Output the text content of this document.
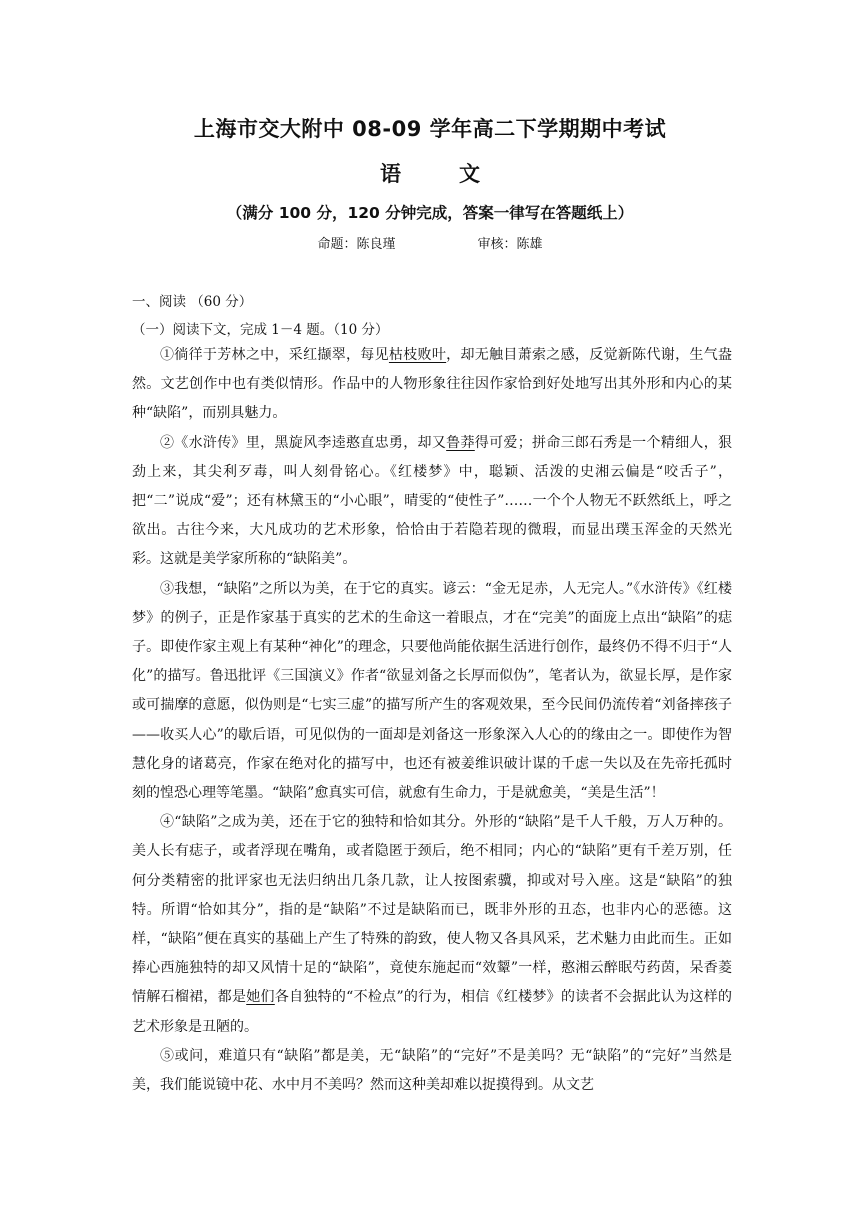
上海市交大附中 08-09 学年高二下学期期中考试
语文
（满分 100 分，120 分钟完成，答案一律写在答题纸上）
命题：陈良瑾	审核：陈雄
一、阅读 （60 分）
（一）阅读下文，完成 1－4 题。（10 分）

①徜徉于芳林之中，采红撷翠，每见枯枝败叶，却无触目萧索之感，反觉新陈代谢，生气盎然。文艺创作中也有类似情形。作品中的人物形象往往因作家恰到好处地写出其外形和内心的某种“缺陷”，而别具魅力。

②《水浒传》里，黑旋风李逵憨直忠勇，却又鲁莽得可爱；拼命三郎石秀是一个精细人，狠劲上来，其尖利歹毒，叫人刻骨铭心。《红楼梦》中，聪颖、活泼的史湘云偏是“咬舌子”，把“二”说成“爱”；还有林黛玉的“小心眼”，晴雯的“使性子”……一个个人物无不跃然纸上，呼之欲出。古往今来，大凡成功的艺术形象，恰恰由于若隐若现的微瑕，而显出璞玉浑金的天然光彩。这就是美学家所称的“缺陷美”。

③我想，“缺陷”之所以为美，在于它的真实。谚云：“金无足赤，人无完人。”《水浒传》《红楼梦》的例子，正是作家基于真实的艺术的生命这一着眼点，才在“完美”的面庞上点出“缺陷”的痣子。即使作家主观上有某种“神化”的理念，只要他尚能依据生活进行创作，最终仍不得不归于“人化”的描写。鲁迅批评《三国演义》作者“欲显刘备之长厚而似伪”，笔者认为，欲显长厚，是作家或可揣摩的意愿，似伪则是“七实三虚”的描写所产生的客观效果，至今民间仍流传着“刘备摔孩子——收买人心”的歇后语，可见似伪的一面却是刘备这一形象深入人心的的缘由之一。即使作为智慧化身的诸葛亮，作家在绝对化的描写中，也还有被姜维识破计谋的千虑一失以及在先帝托孤时刻的惶恐心理等笔墨。“缺陷”愈真实可信，就愈有生命力，于是就愈美，“美是生活”！

④“缺陷”之成为美，还在于它的独特和恰如其分。外形的“缺陷”是千人千般，万人万种的。美人长有痣子，或者浮现在嘴角，或者隐匿于颈后，绝不相同；内心的“缺陷”更有千差万别，任何分类精密的批评家也无法归纳出几条几款，让人按图索骥，抑或对号入座。这是“缺陷”的独特。所谓“恰如其分”，指的是“缺陷”不过是缺陷而已，既非外形的丑态，也非内心的恶德。这样，“缺陷”便在真实的基础上产生了特殊的韵致，使人物又各具风采，艺术魅力由此而生。正如捧心西施独特的却又风情十足的“缺陷”，竟使东施起而“效颦”一样，憨湘云醉眠芍药茵，呆香菱情解石榴裙，都是她们各自独特的“不检点”的行为，相信《红楼梦》的读者不会据此认为这样的艺术形象是丑陋的。

⑤或问，难道只有“缺陷”都是美，无“缺陷”的“完好”不是美吗？无“缺陷”的“完好”当然是美，我们能说镜中花、水中月不美吗？然而这种美却难以捉摸得到。从文艺
